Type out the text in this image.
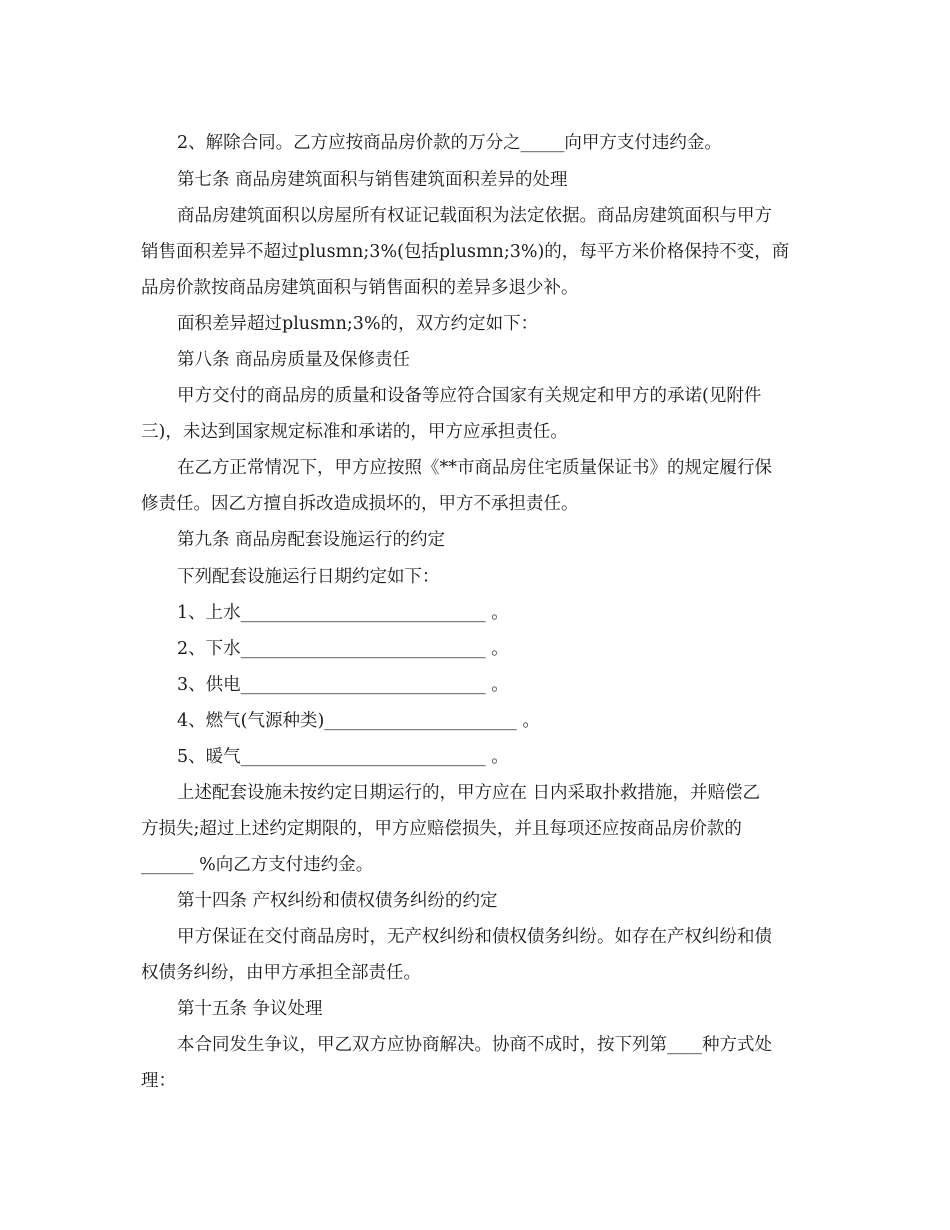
2、解除合同。乙方应按商品房价款的万分之_____向甲方支付违约金。
第七条 商品房建筑面积与销售建筑面积差异的处理
商品房建筑面积以房屋所有权证记载面积为法定依据。商品房建筑面积与甲方
销售面积差异不超过plusmn;3%(包括plusmn;3%)的，每平方米价格保持不变，商
品房价款按商品房建筑面积与销售面积的差异多退少补。
面积差异超过plusmn;3%的，双方约定如下：
第八条 商品房质量及保修责任
甲方交付的商品房的质量和设备等应符合国家有关规定和甲方的承诺(见附件
三)，未达到国家规定标准和承诺的，甲方应承担责任。
在乙方正常情况下，甲方应按照《**市商品房住宅质量保证书》的规定履行保
修责任。因乙方擅自拆改造成损坏的，甲方不承担责任。
第九条 商品房配套设施运行的约定
下列配套设施运行日期约定如下：
1、上水____________________________ 。
2、下水____________________________ 。
3、供电____________________________ 。
4、燃气(气源种类)______________________ 。
5、暖气____________________________ 。
上述配套设施未按约定日期运行的，甲方应在 日内采取扑救措施，并赔偿乙
方损失;超过上述约定期限的，甲方应赔偿损失，并且每项还应按商品房价款的
______ %向乙方支付违约金。
第十四条 产权纠纷和债权债务纠纷的约定
甲方保证在交付商品房时，无产权纠纷和债权债务纠纷。如存在产权纠纷和债
权债务纠纷，由甲方承担全部责任。
第十五条 争议处理
本合同发生争议，甲乙双方应协商解决。协商不成时，按下列第____种方式处
理：
